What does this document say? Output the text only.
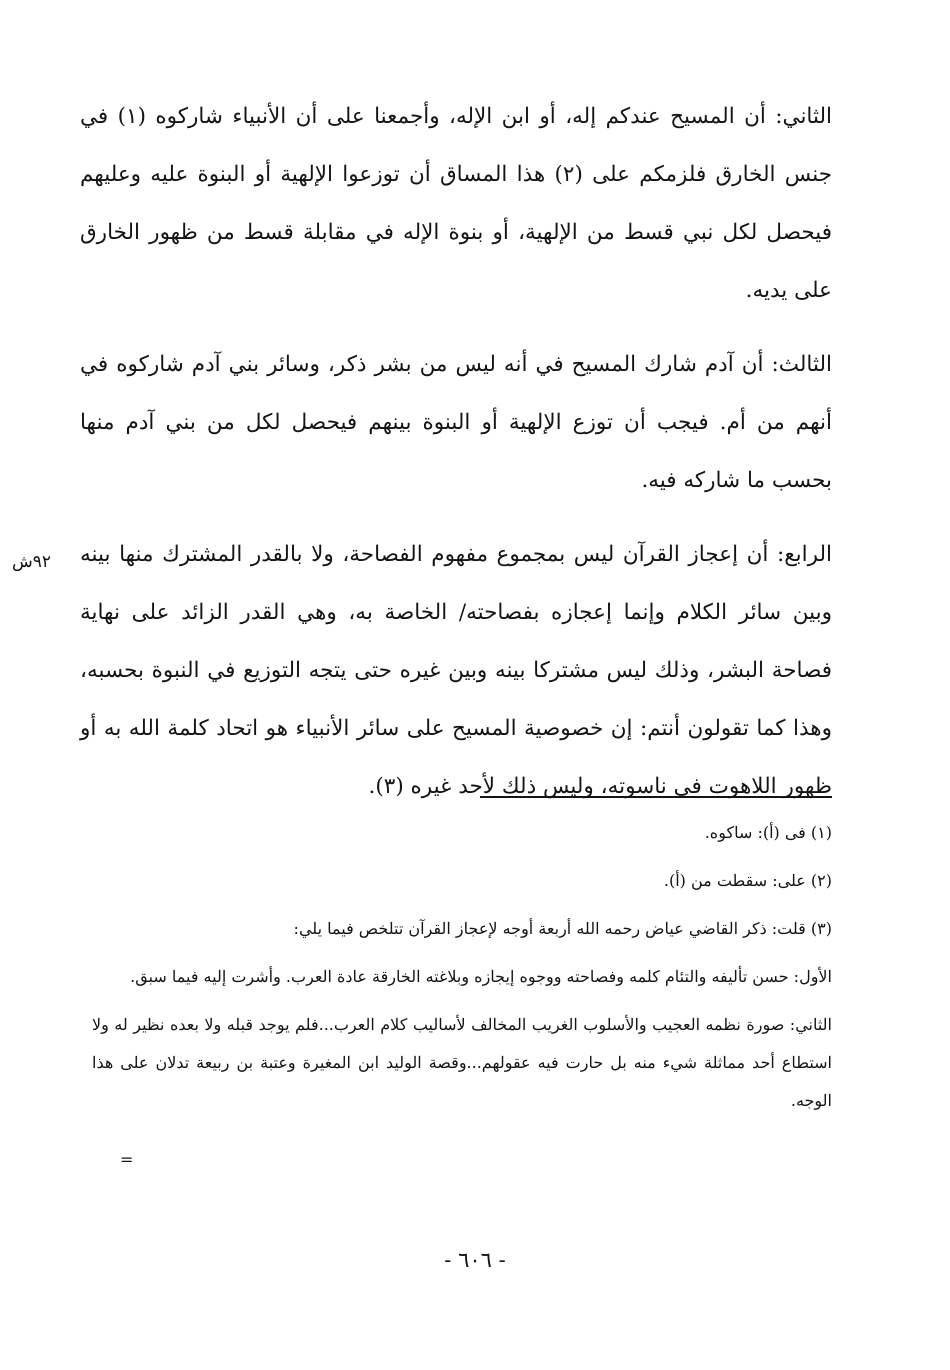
الثاني: أن المسيح عندكم إله، أو ابن الإله، وأجمعنا على أن الأنبياء شاركوه (١) في جنس الخارق فلزمكم على (٢) هذا المساق أن توزعوا الإلهية أو البنوة عليه وعليهم فيحصل لكل نبي قسط من الإلهية، أو بنوة الإله في مقابلة قسط من ظهور الخارق على يديه.

الثالث: أن آدم شارك المسيح في أنه ليس من بشر ذكر، وسائر بني آدم شاركوه في أنهم من أم. فيجب أن توزع الإلهية أو البنوة بينهم فيحصل لكل من بني آدم منها بحسب ما شاركه فيه.

الرابع: أن إعجاز القرآن ليس بمجموع مفهوم الفصاحة، ولا بالقدر المشترك منها بينه وبين سائر الكلام وإنما إعجازه بفصاحته/ الخاصة به، وهي القدر الزائد على نهاية فصاحة البشر، وذلك ليس مشتركا بينه وبين غيره حتى يتجه التوزيع في النبوة بحسبه، وهذا كما تقولون أنتم: إن خصوصية المسيح على سائر الأنبياء هو اتحاد كلمة الله به أو ظهور اللاهوت في ناسوته، وليس ذلك لأحد غيره (٣).

٩٢ش

(١) فى (أ): ساكوه.

(٢) على: سقطت من (أ).

(٣) قلت: ذكر القاضي عياض رحمه الله أربعة أوجه لإعجاز القرآن تتلخص فيما يلي:

الأول: حسن تأليفه والتئام كلمه وفصاحته ووجوه إيجازه وبلاغته الخارقة عادة العرب. وأشرت إليه فيما سبق.

الثاني: صورة نظمه العجيب والأسلوب الغريب المخالف لأساليب كلام العرب...فلم يوجد قبله ولا بعده نظير له ولا استطاع أحد مماثلة شيء منه بل حارت فيه عقولهم...وقصة الوليد ابن المغيرة وعتبة بن ربيعة تدلان على هذا الوجه.

=
- ٦٠٦ -
